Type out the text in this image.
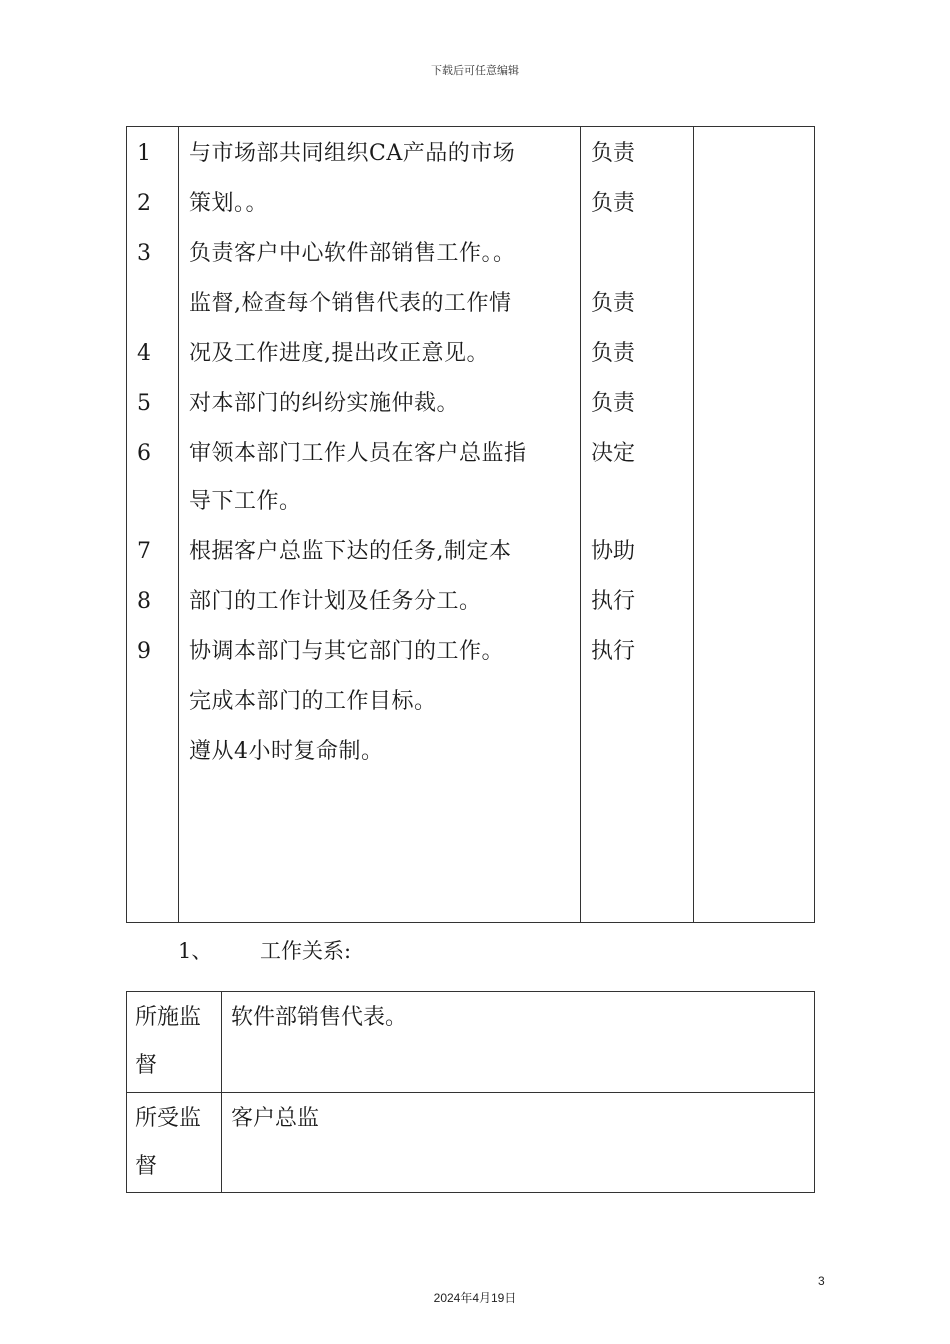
下载后可任意编辑
1
2
3
4
5
6
7
8
9
与市场部共同组织CA产品的市场
策划。。
负责客户中心软件部销售工作。。
监督,检查每个销售代表的工作情
况及工作进度,提出改正意见。
对本部门的纠纷实施仲裁。
审领本部门工作人员在客户总监指
导下工作。
根据客户总监下达的任务,制定本
部门的工作计划及任务分工。
协调本部门与其它部门的工作。
完成本部门的工作目标。
遵从4小时复命制。
负责
负责
负责
负责
负责
决定
协助
执行
执行
1、 工作关系:
所施监督
软件部销售代表。
所受监督
客户总监
3
2024年4月19日
